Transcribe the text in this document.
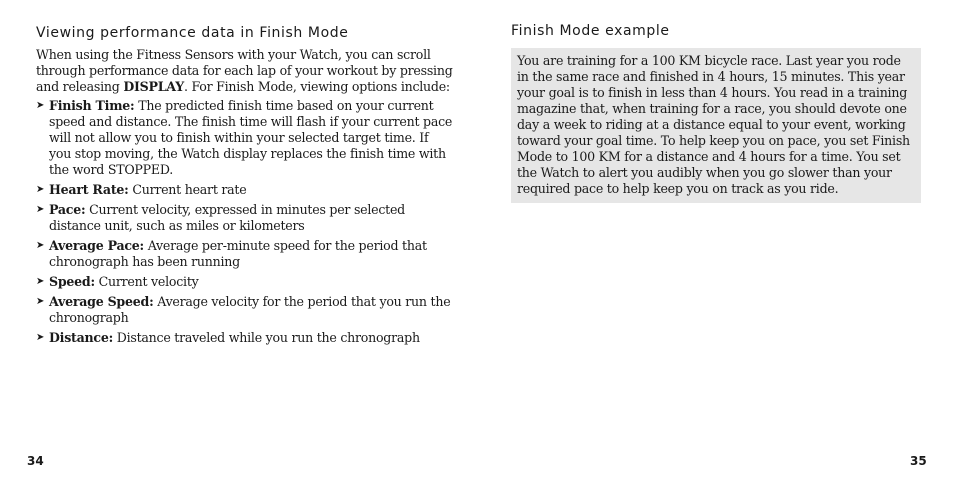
Viewing performance data in Finish Mode

When using the Fitness Sensors with your Watch, you can scroll through performance data for each lap of your workout by pressing and releasing DISPLAY. For Finish Mode, viewing options include:

➤ Finish Time: The predicted finish time based on your current speed and distance. The finish time will flash if your current pace will not allow you to finish within your selected target time. If you stop moving, the Watch display replaces the finish time with the word STOPPED.
➤ Heart Rate: Current heart rate
➤ Pace: Current velocity, expressed in minutes per selected distance unit, such as miles or kilometers
➤ Average Pace: Average per-minute speed for the period that chronograph has been running
➤ Speed: Current velocity
➤ Average Speed: Average velocity for the period that you run the chronograph
➤ Distance: Distance traveled while you run the chronograph
34
Finish Mode example

You are training for a 100 KM bicycle race. Last year you rode in the same race and finished in 4 hours, 15 minutes. This year your goal is to finish in less than 4 hours. You read in a training magazine that, when training for a race, you should devote one day a week to riding at a distance equal to your event, working toward your goal time. To help keep you on pace, you set Finish Mode to 100 KM for a distance and 4 hours for a time. You set the Watch to alert you audibly when you go slower than your required pace to help keep you on track as you ride.

35
